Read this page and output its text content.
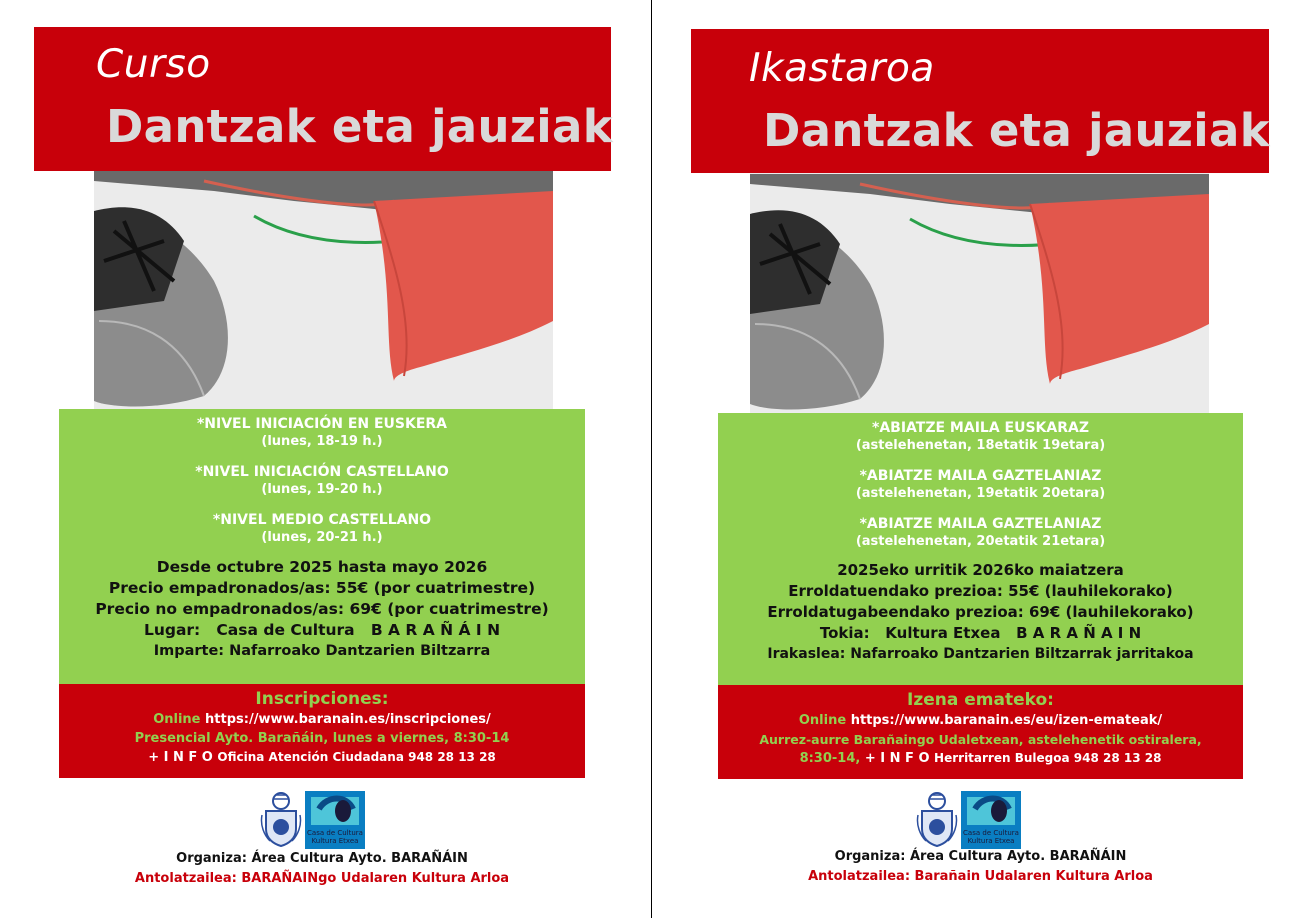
Curso
Dantzak eta jauziak
*NIVEL INICIACIÓN EN EUSKERA
(lunes, 18-19 h.)
*NIVEL INICIACIÓN CASTELLANO
(lunes, 19-20 h.)
*NIVEL MEDIO CASTELLANO
(lunes, 20-21 h.)
Desde octubre 2025 hasta mayo 2026
Precio empadronados/as: 55€ (por cuatrimestre)
Precio no empadronados/as: 69€ (por cuatrimestre)
Lugar:   Casa de Cultura   B A R A Ñ Á I N
Imparte: Nafarroako Dantzarien Biltzarra
Inscripciones:
Online https://www.baranain.es/inscripciones/
Presencial Ayto. Barañáin, lunes a viernes, 8:30-14
+ I N F O Oficina Atención Ciudadana 948 28 13 28
Casa de Cultura Kultura Etxea
Organiza: Área Cultura Ayto. BARAÑÁIN
Antolatzailea: BARAÑAINgo Udalaren Kultura Arloa
Ikastaroa
Dantzak eta jauziak
*ABIATZE MAILA EUSKARAZ
(astelehenetan, 18etatik 19etara)
*ABIATZE MAILA GAZTELANIAZ
(astelehenetan, 19etatik 20etara)
*ABIATZE MAILA GAZTELANIAZ
(astelehenetan, 20etatik 21etara)
2025eko urritik 2026ko maiatzera
Erroldatuendako prezioa: 55€ (lauhilekorako)
Erroldatugabeendako prezioa: 69€ (lauhilekorako)
Tokia:   Kultura Etxea   B A R A Ñ A I N
Irakaslea: Nafarroako Dantzarien Biltzarrak jarritakoa
Izena emateko:
Online https://www.baranain.es/eu/izen-emateak/
Aurrez-aurre Barañaingo Udaletxean, astelehenetik ostiralera,
8:30-14, + I N F O Herritarren Bulegoa 948 28 13 28
Casa de Cultura Kultura Etxea
Organiza: Área Cultura Ayto. BARAÑÁIN
Antolatzailea: Barañain Udalaren Kultura Arloa
